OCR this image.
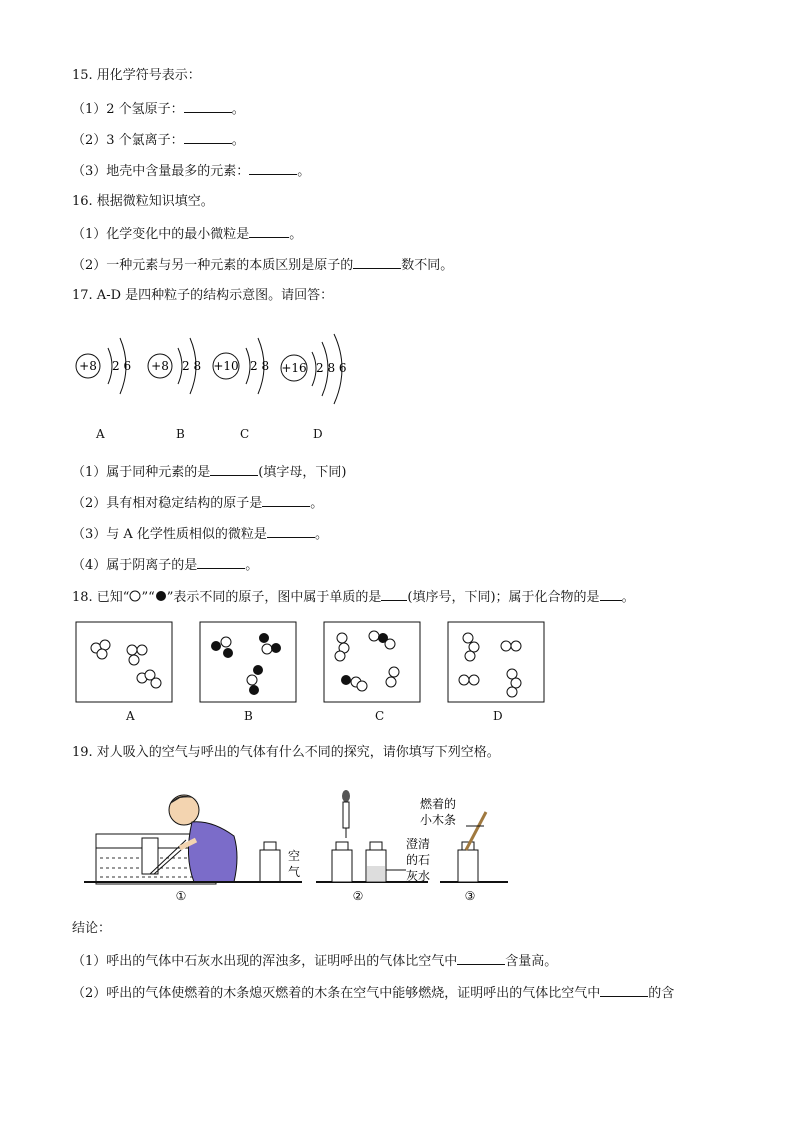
15. 用化学符号表示：
（1）2 个氢原子：	。
（2）3 个氯离子：	。
（3）地壳中含量最多的元素：	。
16. 根据微粒知识填空。
（1）化学变化中的最小微粒是	。
（2）一种元素与另一种元素的本质区别是原子的	数不同。
17. A-D 是四种粒子的结构示意图。请回答：
+8 2 6 +8 2 8 +10 2 8 +16 2 8 6
A	B	C	D
（1）属于同种元素的是	(填字母，下同)
（2）具有相对稳定结构的原子是	。
（3）与 A 化学性质相似的微粒是	。
（4）属于阴离子的是	。
18. 已知“ ”“ ”表示不同的原子，图中属于单质的是 (填序号，下同)；属于化合物的是 。
A	B	C	D
19. 对人吸入的空气与呼出的气体有什么不同的探究，请你填写下列空格。
空
气
澄清
的石
灰水
燃着的
小木条
①	②	③
结论：
（1）呼出的气体中石灰水出现的浑浊多，证明呼出的气体比空气中	含量高。
（2）呼出的气体使燃着的木条熄灭燃着的木条在空气中能够燃烧，证明呼出的气体比空气中	的含
